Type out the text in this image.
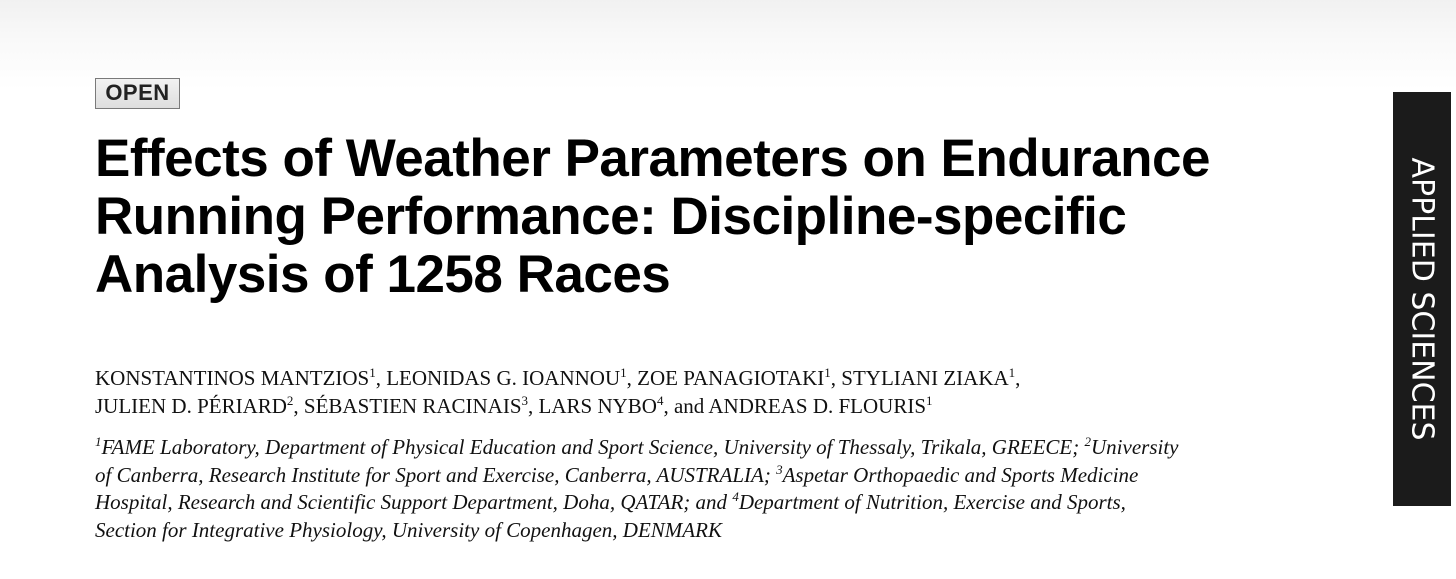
OPEN
Effects of Weather Parameters on Endurance
Running Performance: Discipline-specific
Analysis of 1258 Races
KONSTANTINOS MANTZIOS$^1$, LEONIDAS G. IOANNOU$^1$, ZOE PANAGIOTAKI$^1$, STYLIANI ZIAKA$^1$,
JULIEN D. PÉRIARD$^2$, SÉBASTIEN RACINAIS$^3$, LARS NYBO$^4$, and ANDREAS D. FLOURIS$^1$
$^1$FAME Laboratory, Department of Physical Education and Sport Science, University of Thessaly, Trikala, GREECE; $^2$University
of Canberra, Research Institute for Sport and Exercise, Canberra, AUSTRALIA; $^3$Aspetar Orthopaedic and Sports Medicine
Hospital, Research and Scientific Support Department, Doha, QATAR; and $^4$Department of Nutrition, Exercise and Sports,
Section for Integrative Physiology, University of Copenhagen, DENMARK
APPLIED SCIENCES
